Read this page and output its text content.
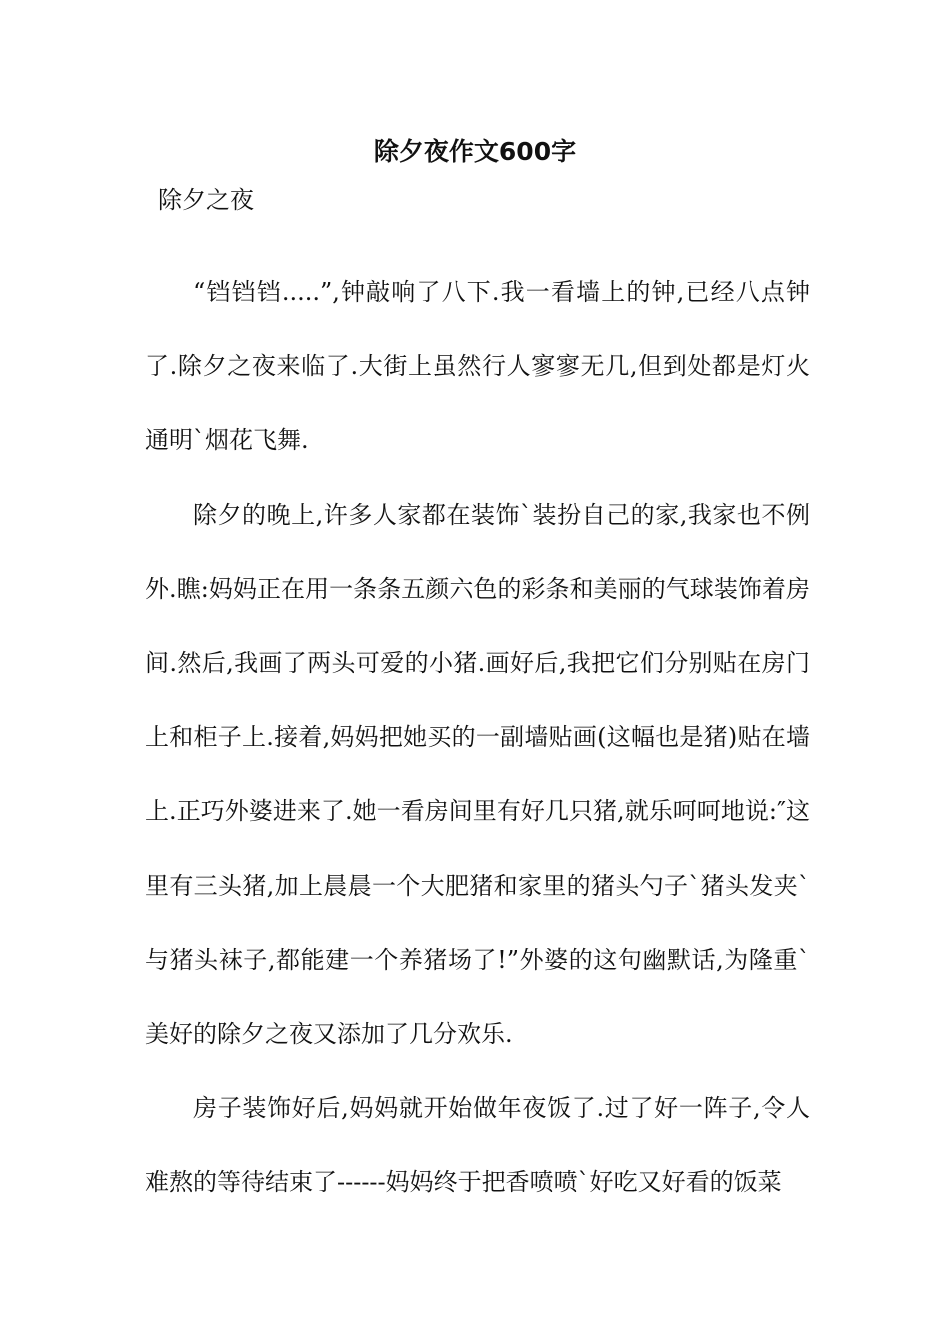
除夕夜作文600字
除夕之夜

“铛铛铛.....”,钟敲响了八下.我一看墙上的钟,已经八点钟了.除夕之夜来临了.大街上虽然行人寥寥无几,但到处都是灯火通明`烟花飞舞.

除夕的晚上,许多人家都在装饰`装扮自己的家,我家也不例外.瞧:妈妈正在用一条条五颜六色的彩条和美丽的气球装饰着房间.然后,我画了两头可爱的小猪.画好后,我把它们分别贴在房门上和柜子上.接着,妈妈把她买的一副墙贴画(这幅也是猪)贴在墙上.正巧外婆进来了.她一看房间里有好几只猪,就乐呵呵地说:″这里有三头猪,加上晨晨一个大肥猪和家里的猪头勺子`猪头发夹`与猪头袜子,都能建一个养猪场了!”外婆的这句幽默话,为隆重`美好的除夕之夜又添加了几分欢乐.

房子装饰好后,妈妈就开始做年夜饭了.过了好一阵子,令人难熬的等待结束了------妈妈终于把香喷喷`好吃又好看的饭菜
